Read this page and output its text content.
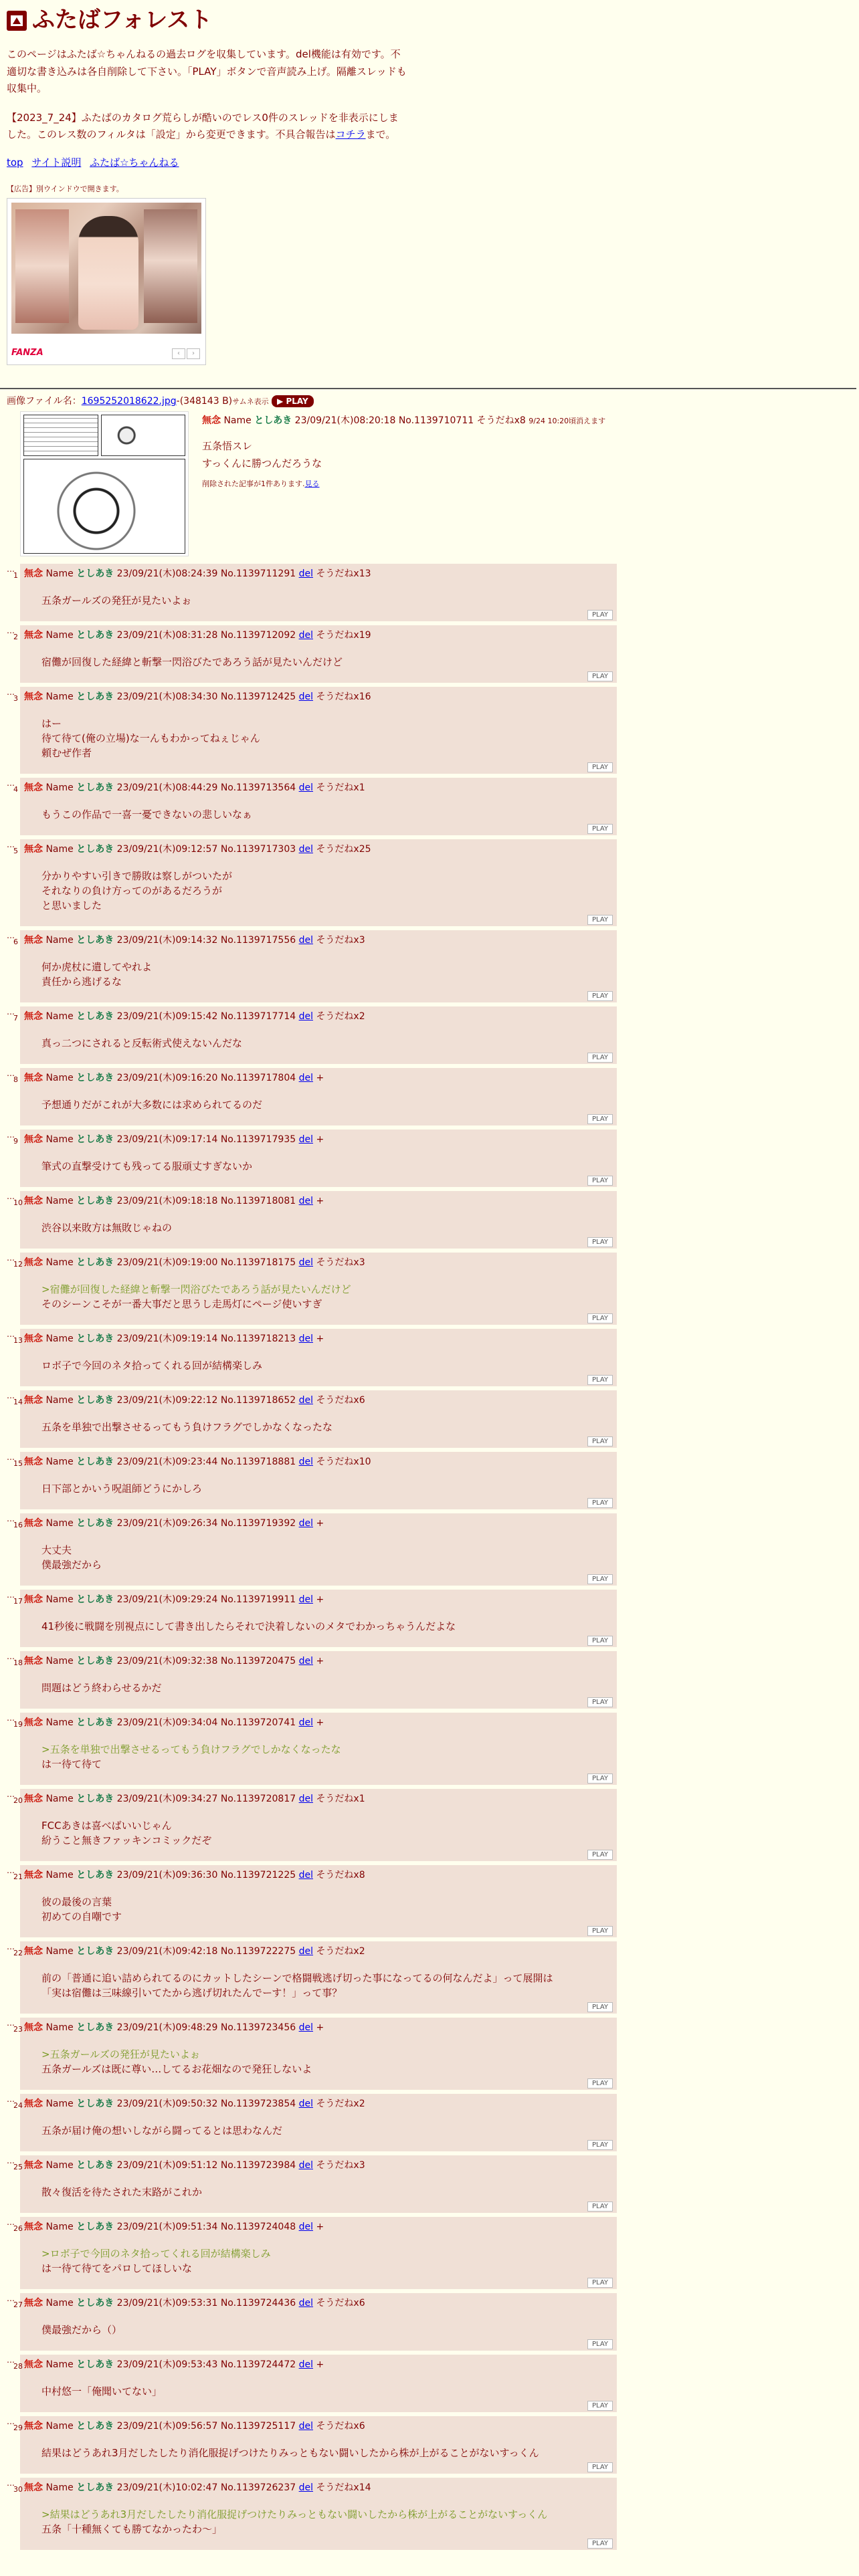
ふたばフォレスト

このページはふたば☆ちゃんねるの過去ログを収集しています。del機能は有効です。不適切な書き込みは各自削除して下さい。「PLAY」ボタンで音声読み上げ。隔離スレッドも収集中。

【2023_7_24】ふたばのカタログ荒らしが酷いのでレス0件のスレッドを非表示にしました。このレス数のフィルタは「設定」から変更できます。不具合報告はコチラまで。

top サイト説明 ふたば☆ちゃんねる
【広告】別ウインドウで開きます。
FANZA	‹	›
画像ファイル名：1695252018622.jpg-(348143 B)サムネ表示 ▶ PLAY
無念 Name としあき 23/09/21(木)08:20:18 No.1139710711 そうだねx8 9/24 10:20頃消えます
五条悟スレ
すっくんに勝つんだろうな
削除された記事が1件あります.見る
…
1 無念 Name としあき 23/09/21(木)08:24:39 No.1139711291 del そうだねx13
五条ガールズの発狂が見たいよぉ
PLAY
…
2 無念 Name としあき 23/09/21(木)08:31:28 No.1139712092 del そうだねx19
宿儺が回復した経緯と斬撃一閃浴びたであろう話が見たいんだけど
PLAY
…
3 無念 Name としあき 23/09/21(木)08:34:30 No.1139712425 del そうだねx16
はー
待て待て(俺の立場)な一んもわかってねぇじゃん
頼むぜ作者
PLAY
…
4 無念 Name としあき 23/09/21(木)08:44:29 No.1139713564 del そうだねx1
もうこの作品で一喜一憂できないの悲しいなぁ
PLAY
…
5 無念 Name としあき 23/09/21(木)09:12:57 No.1139717303 del そうだねx25
分かりやすい引きで勝敗は察しがついたが
それなりの負け方ってのがあるだろうが
と思いました
PLAY
…
6 無念 Name としあき 23/09/21(木)09:14:32 No.1139717556 del そうだねx3
何か虎杖に遺してやれよ
責任から逃げるな
PLAY
…
7 無念 Name としあき 23/09/21(木)09:15:42 No.1139717714 del そうだねx2
真っ二つにされると反転術式使えないんだな
PLAY
…
8 無念 Name としあき 23/09/21(木)09:16:20 No.1139717804 del +
予想通りだがこれが大多数には求められてるのだ
PLAY
…
9 無念 Name としあき 23/09/21(木)09:17:14 No.1139717935 del +
筆式の直撃受けても残ってる服頑丈すぎないか
PLAY
…
10 無念 Name としあき 23/09/21(木)09:18:18 No.1139718081 del +
渋谷以来敗方は無敗じゃねの
PLAY
…
12 無念 Name としあき 23/09/21(木)09:19:00 No.1139718175 del そうだねx3
>宿儺が回復した経緯と斬撃一閃浴びたであろう話が見たいんだけど
そのシーンこそが一番大事だと思うし走馬灯にページ使いすぎ
PLAY
…
13 無念 Name としあき 23/09/21(木)09:19:14 No.1139718213 del +
ロボ子で今回のネタ拾ってくれる回が結構楽しみ
PLAY
…
14 無念 Name としあき 23/09/21(木)09:22:12 No.1139718652 del そうだねx6
五条を単独で出撃させるってもう負けフラグでしかなくなったな
PLAY
…
15 無念 Name としあき 23/09/21(木)09:23:44 No.1139718881 del そうだねx10
日下部とかいう呪詛師どうにかしろ
PLAY
…
16 無念 Name としあき 23/09/21(木)09:26:34 No.1139719392 del +
大丈夫
僕最強だから
PLAY
…
17 無念 Name としあき 23/09/21(木)09:29:24 No.1139719911 del +
41秒後に戦闘を別視点にして書き出したらそれで決着しないのメタでわかっちゃうんだよな
PLAY
…
18 無念 Name としあき 23/09/21(木)09:32:38 No.1139720475 del +
問題はどう終わらせるかだ
PLAY
…
19 無念 Name としあき 23/09/21(木)09:34:04 No.1139720741 del +
>五条を単独で出撃させるってもう負けフラグでしかなくなったな
は一待て待て
PLAY
…
20 無念 Name としあき 23/09/21(木)09:34:27 No.1139720817 del そうだねx1
FCCあきは喜べばいいじゃん
紛うこと無きファッキンコミックだぞ
PLAY
…
21 無念 Name としあき 23/09/21(木)09:36:30 No.1139721225 del そうだねx8
彼の最後の言葉
初めての自嘲です
PLAY
…
22 無念 Name としあき 23/09/21(木)09:42:18 No.1139722275 del そうだねx2
前の「普通に追い詰められてるのにカットしたシーンで格闘戦逃げ切った事になってるの何なんだよ」って展開は
「実は宿儺は三味線引いてたから逃げ切れたんでーす！」って事？
PLAY
…
23 無念 Name としあき 23/09/21(木)09:48:29 No.1139723456 del +
>五条ガールズの発狂が見たいよぉ
五条ガールズは既に尊い…してるお花畑なので発狂しないよ
PLAY
…
24 無念 Name としあき 23/09/21(木)09:50:32 No.1139723854 del そうだねx2
五条が届け俺の想いしながら闘ってるとは思わなんだ
PLAY
…
25 無念 Name としあき 23/09/21(木)09:51:12 No.1139723984 del そうだねx3
散々復活を待たされた末路がこれか
PLAY
…
26 無念 Name としあき 23/09/21(木)09:51:34 No.1139724048 del +
>ロボ子で今回のネタ拾ってくれる回が結構楽しみ
は一待て待てをパロしてほしいな
PLAY
…
27 無念 Name としあき 23/09/21(木)09:53:31 No.1139724436 del そうだねx6
僕最強だから（）
PLAY
…
28 無念 Name としあき 23/09/21(木)09:53:43 No.1139724472 del +
中村悠一「俺聞いてない」
PLAY
…
29 無念 Name としあき 23/09/21(木)09:56:57 No.1139725117 del そうだねx6
結果はどうあれ3月だしたしたり消化服捉げつけたりみっともない闘いしたから株が上がることがないすっくん
PLAY
…
30 無念 Name としあき 23/09/21(木)10:02:47 No.1139726237 del そうだねx14
>結果はどうあれ3月だしたしたり消化服捉げつけたりみっともない闘いしたから株が上がることがないすっくん
五条「十種無くても勝てなかったわ～」
PLAY
